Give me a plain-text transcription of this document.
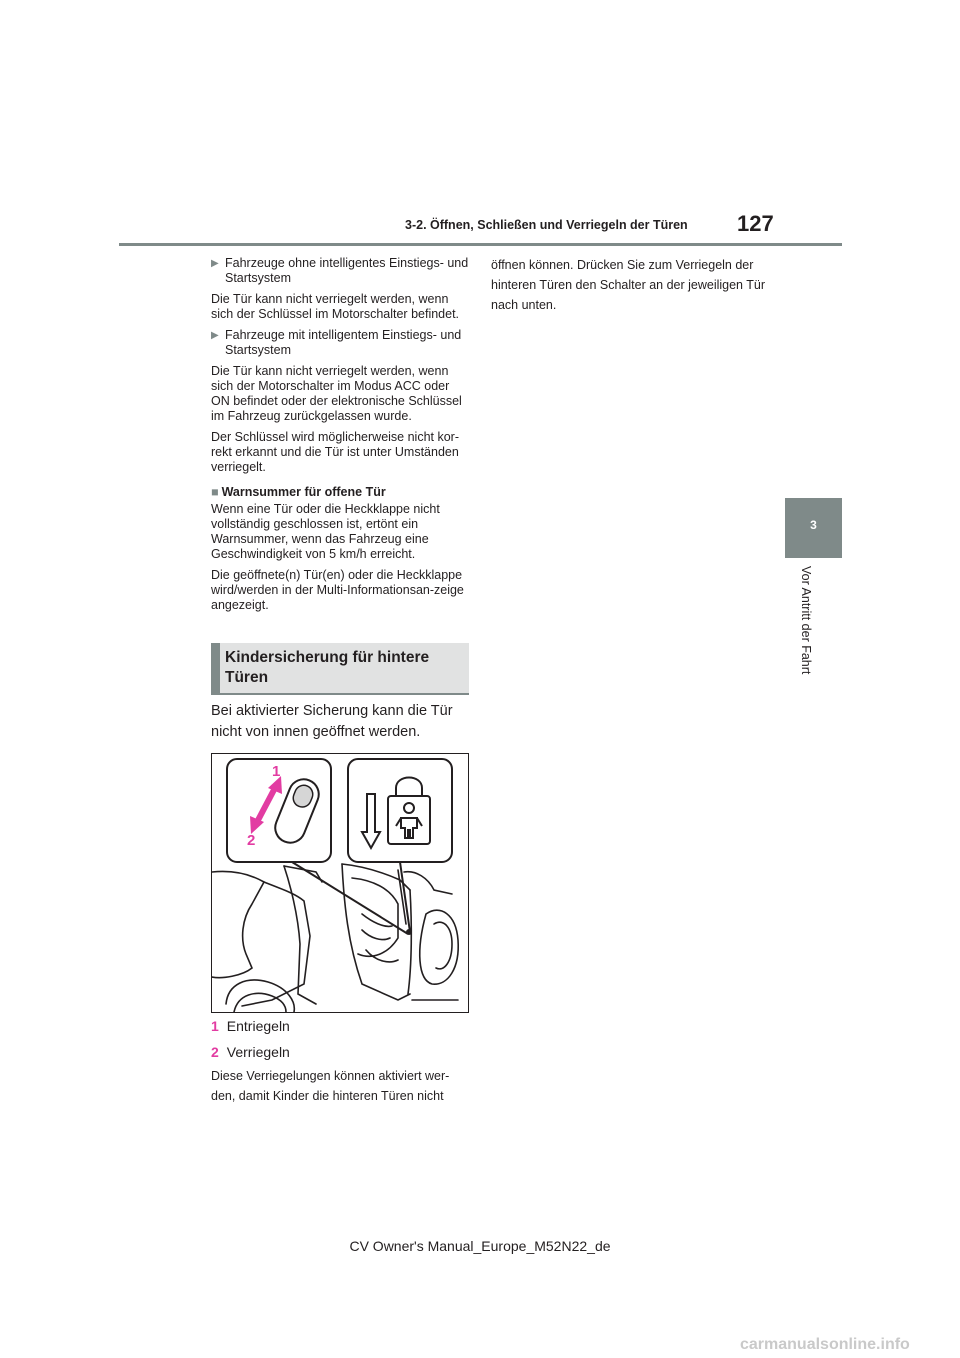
3-2. Öffnen, Schließen und Verriegeln der Türen 127
3
Vor Antritt der Fahrt
▶ Fahrzeuge ohne intelligentes Einstiegs- und Startsystem

Die Tür kann nicht verriegelt werden, wenn sich der Schlüssel im Motorschalter befindet.

▶ Fahrzeuge mit intelligentem Einstiegs- und Startsystem

Die Tür kann nicht verriegelt werden, wenn sich der Motorschalter im Modus ACC oder ON befindet oder der elektronische Schlüssel im Fahrzeug zurückgelassen wurde.

Der Schlüssel wird möglicherweise nicht kor-rekt erkannt und die Tür ist unter Umständen verriegelt.

■ Warnsummer für offene Tür

Wenn eine Tür oder die Heckklappe nicht vollständig geschlossen ist, ertönt ein Warnsummer, wenn das Fahrzeug eine Geschwindigkeit von 5 km/h erreicht.

Die geöffnete(n) Tür(en) oder die Heckklappe wird/werden in der Multi-Informationsan-zeige angezeigt.

Kindersicherung für hintere Türen
Bei aktivierter Sicherung kann die Tür nicht von innen geöffnet werden.
1
2
1 Entriegeln
2 Verriegeln
Diese Verriegelungen können aktiviert wer-den, damit Kinder die hinteren Türen nicht
öffnen können. Drücken Sie zum Verriegeln der hinteren Türen den Schalter an der jeweiligen Tür nach unten.
CV Owner's Manual_Europe_M52N22_de
carmanualsonline.info
